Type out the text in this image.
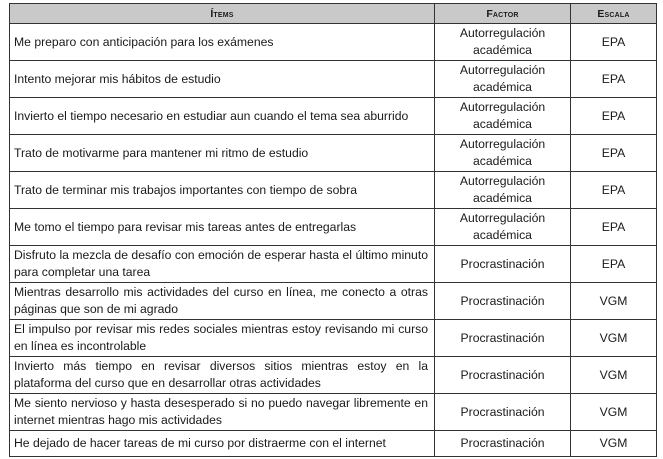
Ítems	Factor	Escala
Me preparo con anticipación para los exámenes	Autorregulación académica	EPA
Intento mejorar mis hábitos de estudio	Autorregulación académica	EPA
Invierto el tiempo necesario en estudiar aun cuando el tema sea aburrido	Autorregulación académica	EPA
Trato de motivarme para mantener mi ritmo de estudio	Autorregulación académica	EPA
Trato de terminar mis trabajos importantes con tiempo de sobra	Autorregulación académica	EPA
Me tomo el tiempo para revisar mis tareas antes de entregarlas	Autorregulación académica	EPA
Disfruto la mezcla de desafío con emoción de esperar hasta el último minuto para completar una tarea	Procrastinación	EPA
Mientras desarrollo mis actividades del curso en línea, me conecto a otras páginas que son de mi agrado	Procrastinación	VGM
El impulso por revisar mis redes sociales mientras estoy revisando mi curso en línea es incontrolable	Procrastinación	VGM
Invierto más tiempo en revisar diversos sitios mientras estoy en la plataforma del curso que en desarrollar otras actividades	Procrastinación	VGM
Me siento nervioso y hasta desesperado si no puedo navegar libremente en internet mientras hago mis actividades	Procrastinación	VGM
He dejado de hacer tareas de mi curso por distraerme con el internet	Procrastinación	VGM
